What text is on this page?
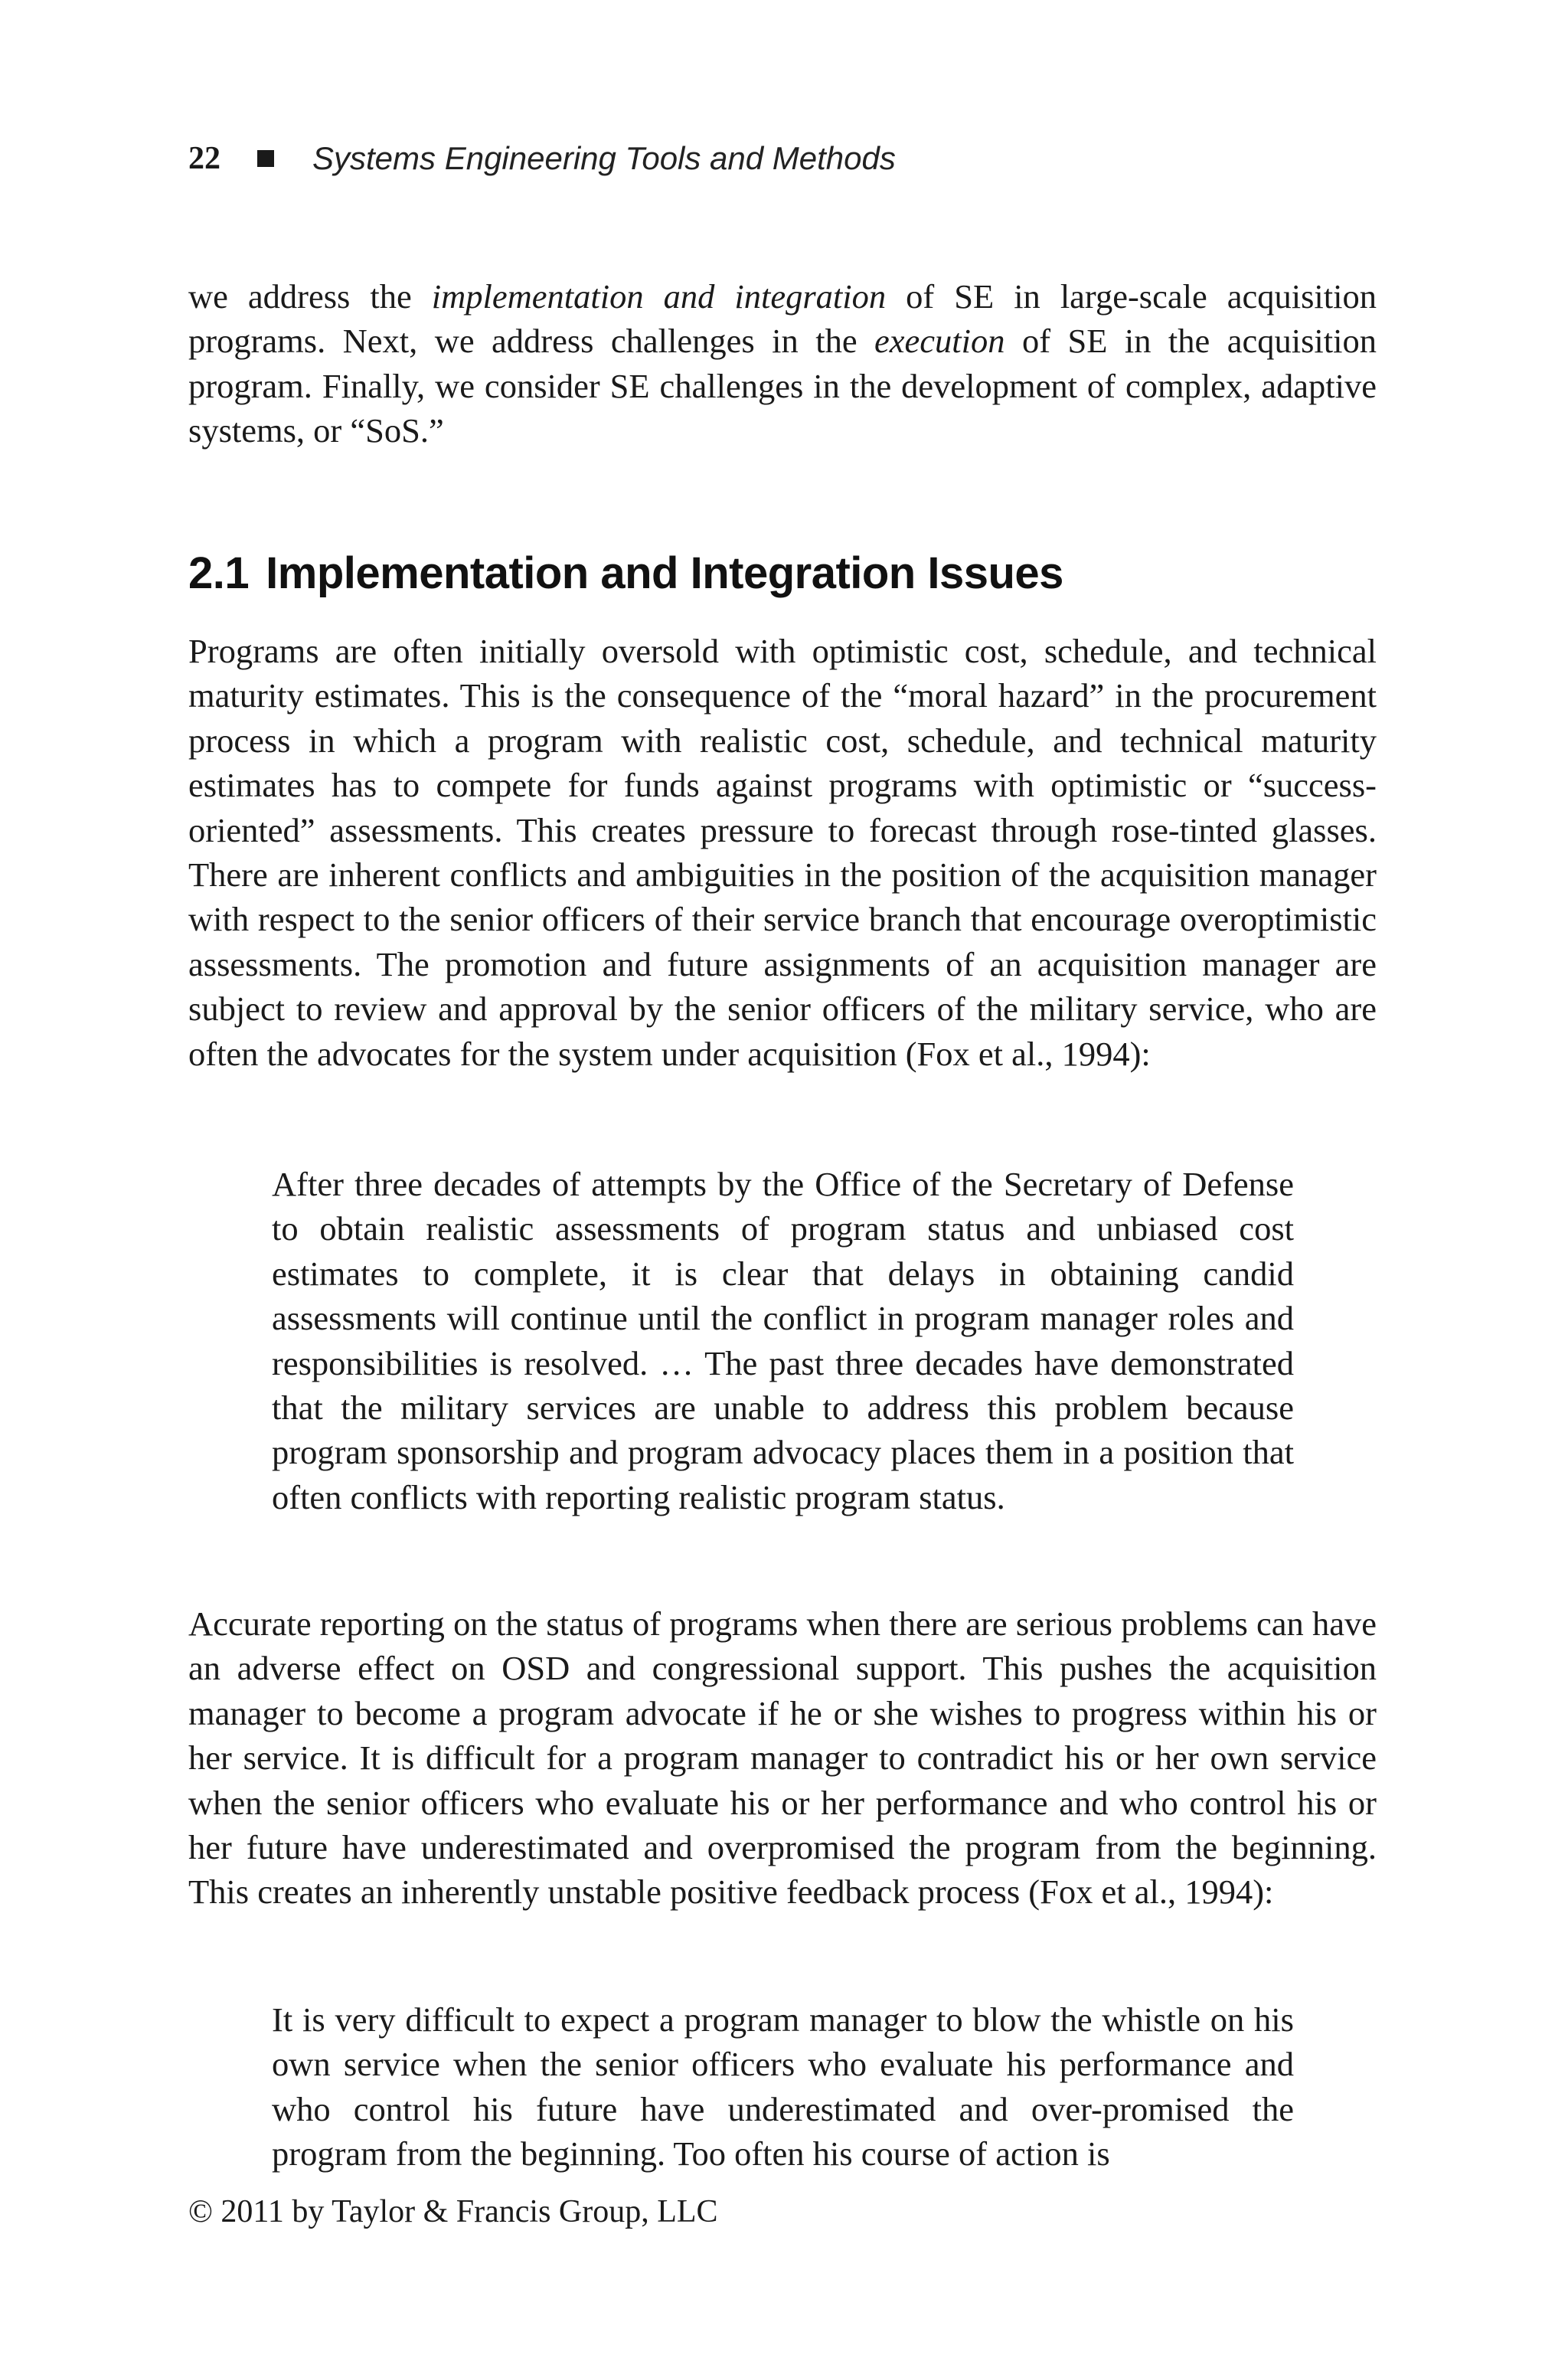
22	Systems Engineering Tools and Methods

we address the implementation and integration of SE in large-scale acquisition programs. Next, we address challenges in the execution of SE in the acquisition program. Finally, we consider SE challenges in the development of complex, adaptive systems, or “SoS.”

2.1 Implementation and Integration Issues

Programs are often initially oversold with optimistic cost, schedule, and technical maturity estimates. This is the consequence of the “moral hazard” in the procurement process in which a program with realistic cost, schedule, and technical maturity estimates has to compete for funds against programs with optimistic or “success-oriented” assessments. This creates pressure to forecast through rose-tinted glasses. There are inherent conflicts and ambiguities in the position of the acquisition manager with respect to the senior officers of their service branch that encourage overoptimistic assessments. The promotion and future assignments of an acquisition manager are subject to review and approval by the senior officers of the military service, who are often the advocates for the system under acquisition (Fox et al., 1994):

After three decades of attempts by the Office of the Secretary of Defense to obtain realistic assessments of program status and unbiased cost estimates to complete, it is clear that delays in obtaining candid assessments will continue until the conflict in program manager roles and responsibilities is resolved. … The past three decades have demonstrated that the military services are unable to address this problem because program sponsorship and program advocacy places them in a position that often conflicts with reporting realistic program status.

Accurate reporting on the status of programs when there are serious problems can have an adverse effect on OSD and congressional support. This pushes the acquisition manager to become a program advocate if he or she wishes to progress within his or her service. It is difficult for a program manager to contradict his or her own service when the senior officers who evaluate his or her performance and who control his or her future have underestimated and overpromised the program from the beginning. This creates an inherently unstable positive feedback process (Fox et al., 1994):

It is very difficult to expect a program manager to blow the whistle on his own service when the senior officers who evaluate his performance and who control his future have underestimated and over-promised the program from the beginning. Too often his course of action is

© 2011 by Taylor & Francis Group, LLC
